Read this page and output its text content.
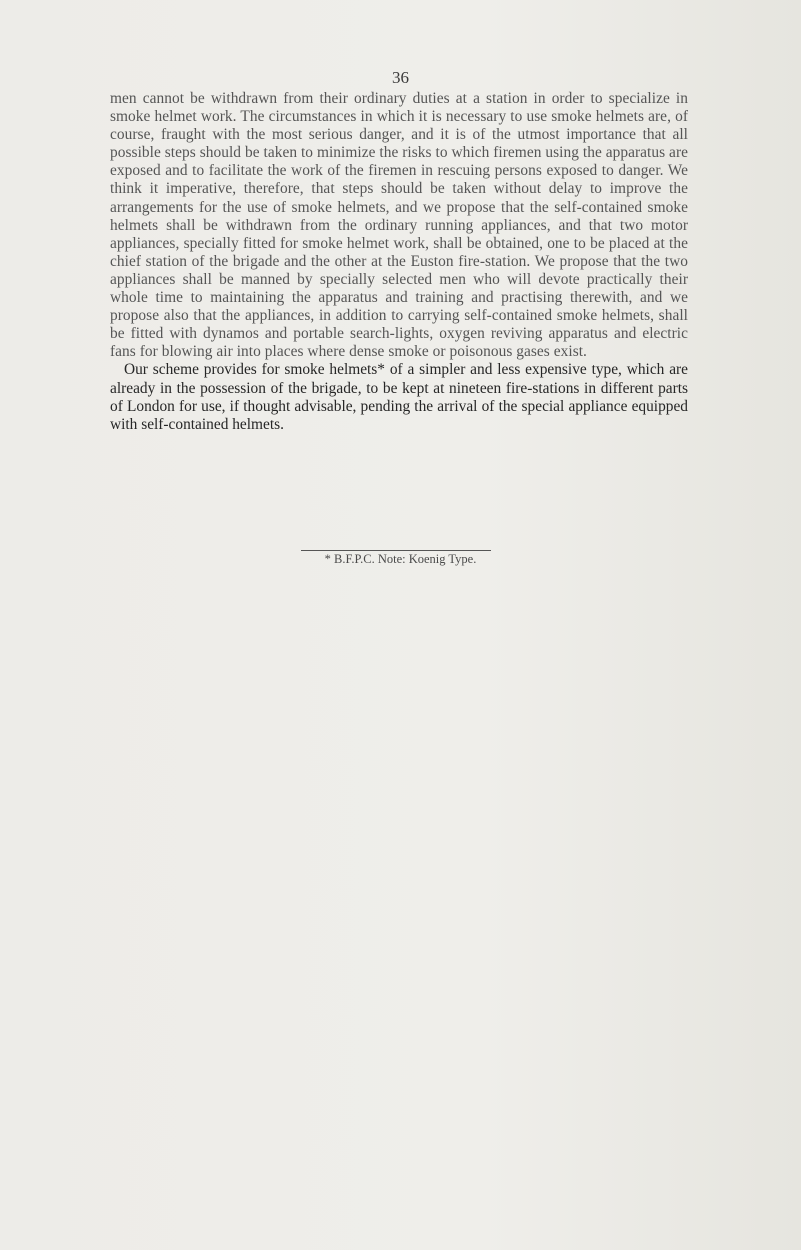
36

men cannot be withdrawn from their ordinary duties at a station in order to specialize in smoke helmet work. The circumstances in which it is necessary to use smoke helmets are, of course, fraught with the most serious danger, and it is of the utmost importance that all possible steps should be taken to minimize the risks to which firemen using the apparatus are exposed and to facilitate the work of the firemen in rescuing persons exposed to danger. We think it imperative, therefore, that steps should be taken without delay to improve the arrangements for the use of smoke helmets, and we propose that the self-contained smoke helmets shall be withdrawn from the ordinary running appliances, and that two motor appliances, specially fitted for smoke helmet work, shall be obtained, one to be placed at the chief station of the brigade and the other at the Euston fire-station. We propose that the two appliances shall be manned by specially selected men who will devote practically their whole time to maintaining the apparatus and training and practising therewith, and we propose also that the appliances, in addition to carrying self-contained smoke helmets, shall be fitted with dynamos and portable search-lights, oxygen reviving apparatus and electric fans for blowing air into places where dense smoke or poisonous gases exist.

Our scheme provides for smoke helmets* of a simpler and less expensive type, which are already in the possession of the brigade, to be kept at nineteen fire-stations in different parts of London for use, if thought advisable, pending the arrival of the special appliance equipped with self-contained helmets.

* B.F.P.C. Note: Koenig Type.
